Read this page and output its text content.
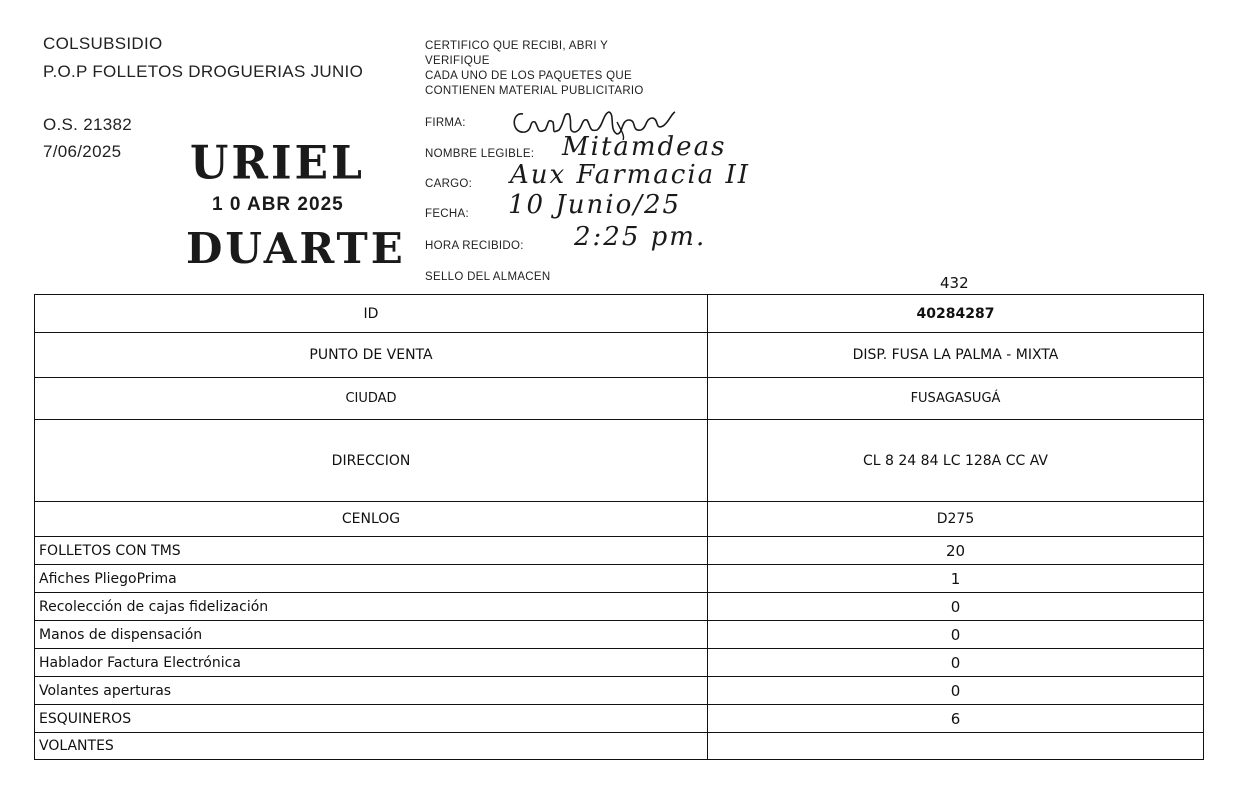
COLSUBSIDIO
P.O.P FOLLETOS DROGUERIAS JUNIO
O.S. 21382
7/06/2025 URIEL
1 0 ABR 2025
DUARTE
CERTIFICO QUE RECIBI, ABRI Y
VERIFIQUE
CADA UNO DE LOS PAQUETES QUE
CONTIENEN MATERIAL PUBLICITARIO
FIRMA:
NOMBRE LEGIBLE: Mitamdeas
CARGO: Aux Farmacia II
FECHA: 10 Junio/25
HORA RECIBIDO: 2:25 pm.
SELLO DEL ALMACEN	432
ID	40284287
PUNTO DE VENTA	DISP. FUSA LA PALMA - MIXTA
CIUDAD	FUSAGASUGÁ
DIRECCION	CL 8 24 84 LC 128A CC AV
CENLOG	D275
FOLLETOS CON TMS	20
Afiches PliegoPrima	1
Recolección de cajas fidelización	0
Manos de dispensación	0
Hablador Factura Electrónica	0
Volantes aperturas	0
ESQUINEROS	6
VOLANTES	
